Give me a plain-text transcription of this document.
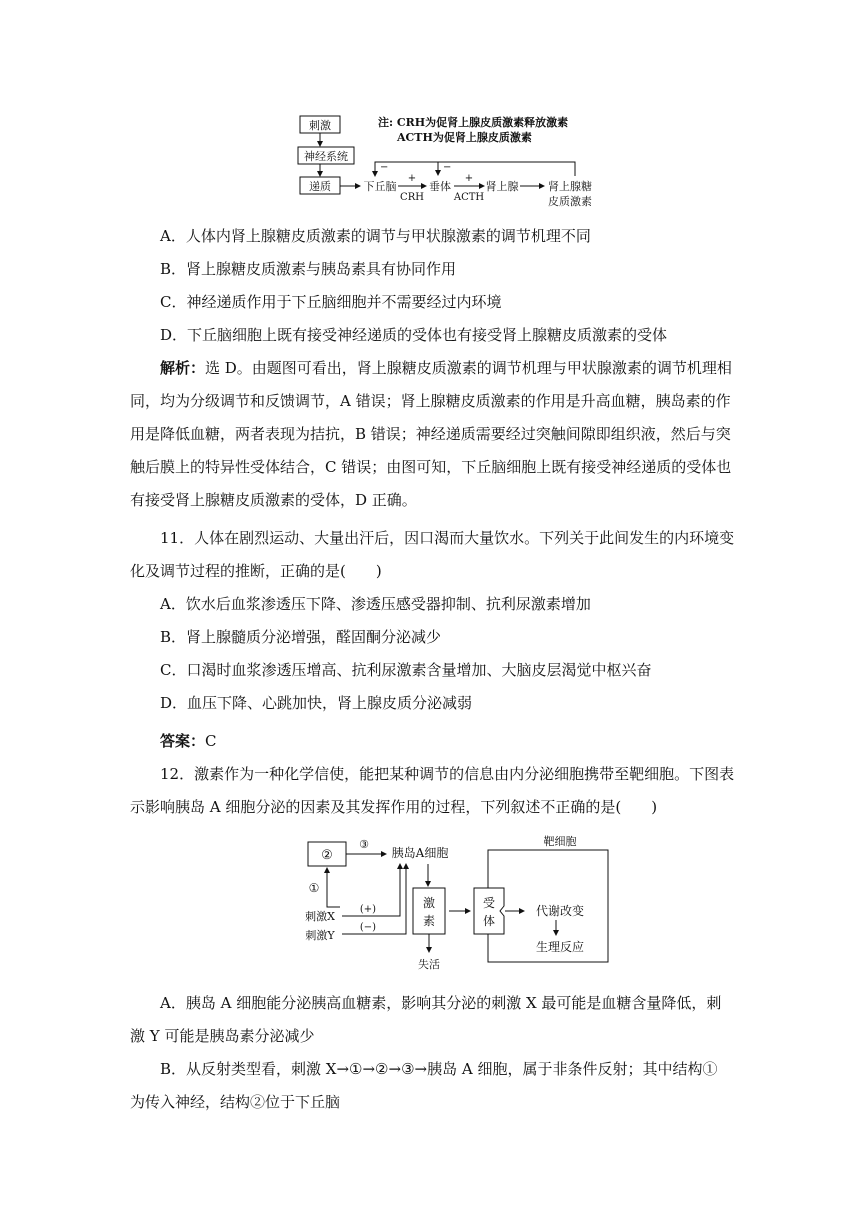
刺激
神经系统
递质	下丘脑
+
CRH
垂体
+
ACTH
肾上腺	肾上腺糖
皮质激素
−	−
注: CRH为促肾上腺皮质激素释放激素
ACTH为促肾上腺皮质激素
A．人体内肾上腺糖皮质激素的调节与甲状腺激素的调节机理不同
B．肾上腺糖皮质激素与胰岛素具有协同作用
C．神经递质作用于下丘脑细胞并不需要经过内环境
D．下丘脑细胞上既有接受神经递质的受体也有接受肾上腺糖皮质激素的受体
解析：选 D。由题图可看出，肾上腺糖皮质激素的调节机理与甲状腺激素的调节机理相
同，均为分级调节和反馈调节，A 错误；肾上腺糖皮质激素的作用是升高血糖，胰岛素的作
用是降低血糖，两者表现为拮抗，B 错误；神经递质需要经过突触间隙即组织液，然后与突
触后膜上的特异性受体结合，C 错误；由图可知，下丘脑细胞上既有接受神经递质的受体也
有接受肾上腺糖皮质激素的受体，D 正确。
11．人体在剧烈运动、大量出汗后，因口渴而大量饮水。下列关于此间发生的内环境变
化及调节过程的推断，正确的是(　　)
A．饮水后血浆渗透压下降、渗透压感受器抑制、抗利尿激素增加
B．肾上腺髓质分泌增强，醛固酮分泌减少
C．口渴时血浆渗透压增高、抗利尿激素含量增加、大脑皮层渴觉中枢兴奋
D．血压下降、心跳加快，肾上腺皮质分泌减弱
答案：C
12．激素作为一种化学信使，能把某种调节的信息由内分泌细胞携带至靶细胞。下图表
示影响胰岛 A 细胞分泌的因素及其发挥作用的过程，下列叙述不正确的是(　　)
②
③
胰岛A细胞
①
刺激X
刺激Y
(+)
(−)
激
素
失活
靶细胞
受
体
代谢改变
生理反应
A．胰岛 A 细胞能分泌胰高血糖素，影响其分泌的刺激 X 最可能是血糖含量降低，刺
激 Y 可能是胰岛素分泌减少
B．从反射类型看，刺激 X→①→②→③→胰岛 A 细胞，属于非条件反射；其中结构①
为传入神经，结构②位于下丘脑
